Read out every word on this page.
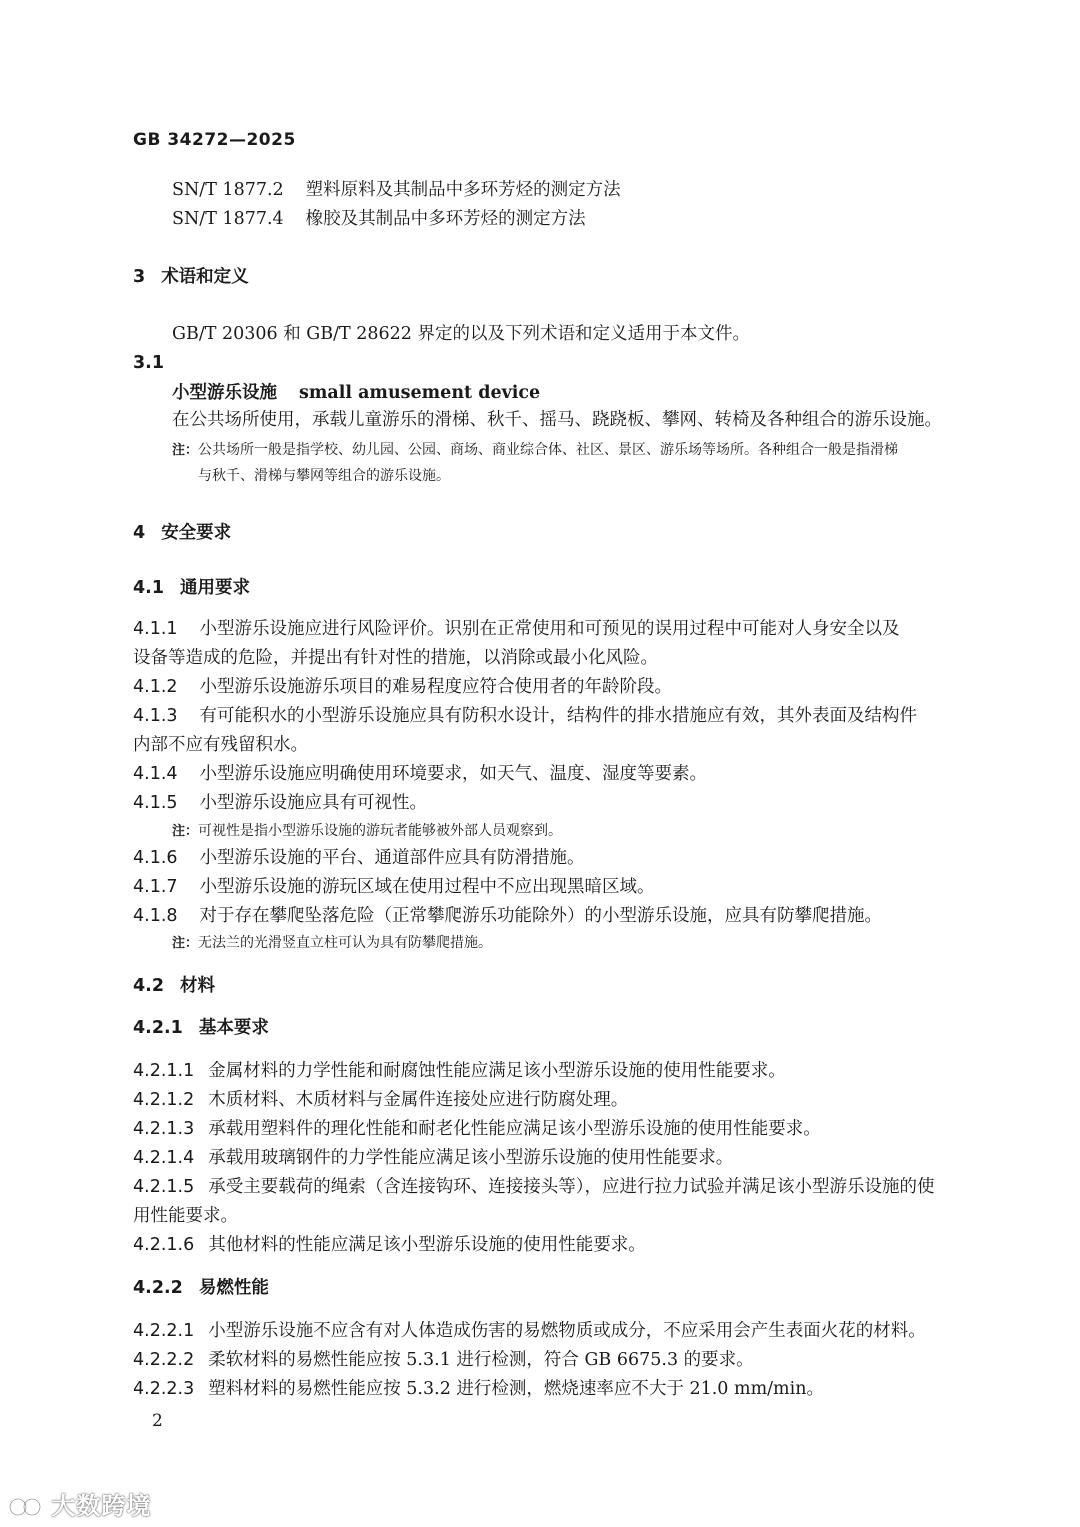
GB 34272—2025
SN/T 1877.2 塑料原料及其制品中多环芳烃的测定方法
SN/T 1877.4 橡胶及其制品中多环芳烃的测定方法
3 术语和定义
GB/T 20306 和 GB/T 28622 界定的以及下列术语和定义适用于本文件。
3.1
小型游乐设施 small amusement device
在公共场所使用，承载儿童游乐的滑梯、秋千、摇马、跷跷板、攀网、转椅及各种组合的游乐设施。
注：公共场所一般是指学校、幼儿园、公园、商场、商业综合体、社区、景区、游乐场等场所。各种组合一般是指滑梯
与秋千、滑梯与攀网等组合的游乐设施。
4 安全要求
4.1 通用要求
4.1.1 小型游乐设施应进行风险评价。识别在正常使用和可预见的误用过程中可能对人身安全以及
设备等造成的危险，并提出有针对性的措施，以消除或最小化风险。
4.1.2 小型游乐设施游乐项目的难易程度应符合使用者的年龄阶段。
4.1.3 有可能积水的小型游乐设施应具有防积水设计，结构件的排水措施应有效，其外表面及结构件
内部不应有残留积水。
4.1.4 小型游乐设施应明确使用环境要求，如天气、温度、湿度等要素。
4.1.5 小型游乐设施应具有可视性。
注：可视性是指小型游乐设施的游玩者能够被外部人员观察到。
4.1.6 小型游乐设施的平台、通道部件应具有防滑措施。
4.1.7 小型游乐设施的游玩区域在使用过程中不应出现黑暗区域。
4.1.8 对于存在攀爬坠落危险（正常攀爬游乐功能除外）的小型游乐设施，应具有防攀爬措施。
注：无法兰的光滑竖直立柱可认为具有防攀爬措施。
4.2 材料
4.2.1 基本要求
4.2.1.1 金属材料的力学性能和耐腐蚀性能应满足该小型游乐设施的使用性能要求。
4.2.1.2 木质材料、木质材料与金属件连接处应进行防腐处理。
4.2.1.3 承载用塑料件的理化性能和耐老化性能应满足该小型游乐设施的使用性能要求。
4.2.1.4 承载用玻璃钢件的力学性能应满足该小型游乐设施的使用性能要求。
4.2.1.5 承受主要载荷的绳索（含连接钩环、连接接头等），应进行拉力试验并满足该小型游乐设施的使
用性能要求。
4.2.1.6 其他材料的性能应满足该小型游乐设施的使用性能要求。
4.2.2 易燃性能
4.2.2.1 小型游乐设施不应含有对人体造成伤害的易燃物质或成分，不应采用会产生表面火花的材料。
4.2.2.2 柔软材料的易燃性能应按 5.3.1 进行检测，符合 GB 6675.3 的要求。
4.2.2.3 塑料材料的易燃性能应按 5.3.2 进行检测，燃烧速率应不大于 21.0 mm/min。
2
大数跨境
